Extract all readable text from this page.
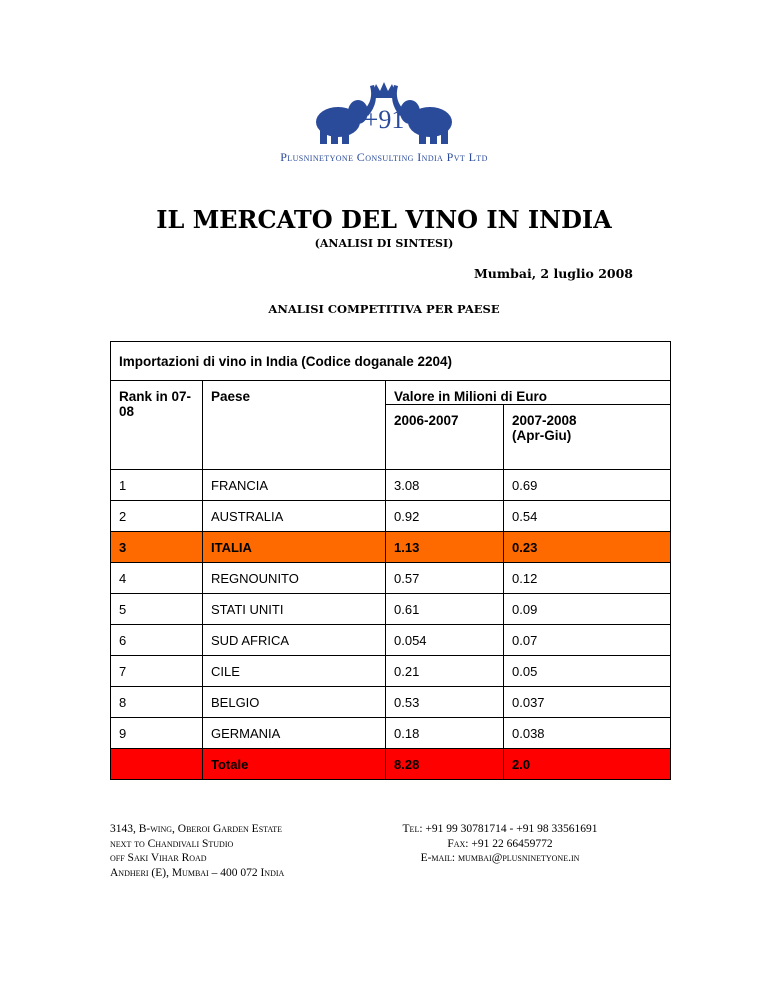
+91
Plusninetyone Consulting India Pvt Ltd
IL MERCATO DEL VINO IN INDIA
(ANALISI DI SINTESI)
Mumbai, 2 luglio 2008
ANALISI COMPETITIVA PER PAESE
Importazioni di vino in India (Codice doganale 2204)			
Rank in 07-08	Paese	Valore in Milioni di Euro	
		2006-2007	2007-2008 (Apr-Giu)

1	FRANCIA	3.08	0.69
2	AUSTRALIA	0.92	0.54
3	ITALIA	1.13	0.23
4	REGNOUNITO	0.57	0.12
5	STATI UNITI	0.61	0.09
6	SUD AFRICA	0.054	0.07
7	CILE	0.21	0.05
8	BELGIO	0.53	0.037
9	GERMANIA	0.18	0.038
	Totale	8.28	2.0
3143, B-wing, Oberoi Garden Estate
next to Chandivali Studio
off Saki Vihar Road
Andheri (E), Mumbai – 400 072 India
Tel: +91 99 30781714 - +91 98 33561691
Fax: +91 22 66459772
E-mail: mumbai@plusninetyone.in
